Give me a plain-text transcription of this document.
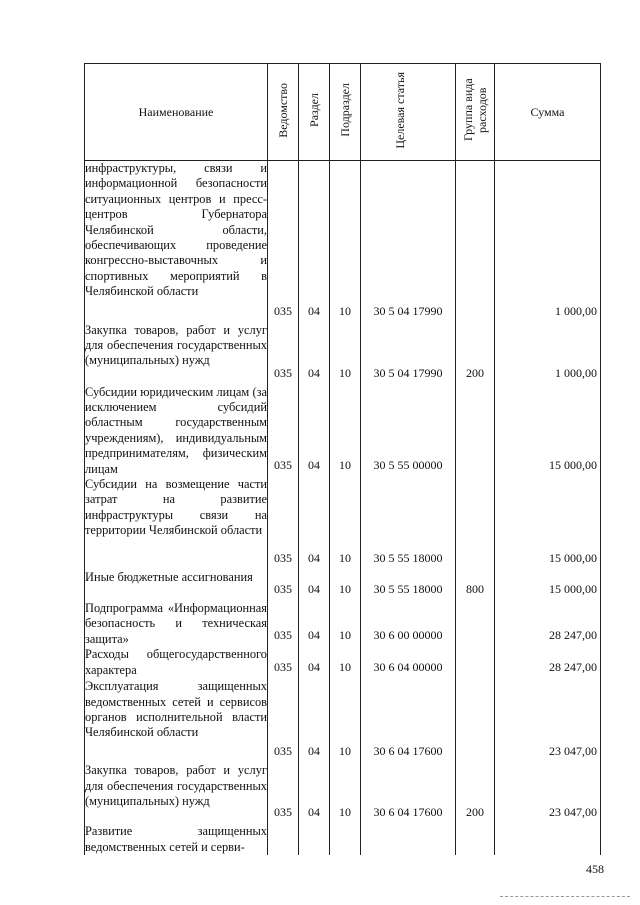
Наименование	Ведомство	Раздел	Подраздел	Целевая статья	Группа вида расходов	Сумма

инфраструктуры, связи и информационной безопасности ситуационных центров и пресс-центров Губернатора Челябинской области, обеспечивающих проведение конгрессно-выставочных и спортивных мероприятий в Челябинской области	035	04	10	30 5 04 17990		1 000,00

Закупка товаров, работ и услуг для обеспечения государственных (муниципальных) нужд	035	04	10	30 5 04 17990	200	1 000,00

Субсидии юридическим лицам (за исключением субсидий областным государственным учреждениям), индивидуальным предпринимателям, физическим лицам	035	04	10	30 5 55 00000		15 000,00

Субсидии на возмещение части затрат на развитие инфраструктуры связи на территории Челябинской области	035	04	10	30 5 55 18000		15 000,00

Иные бюджетные ассигнования	035	04	10	30 5 55 18000	800	15 000,00

Подпрограмма «Информационная безопасность и техническая защита»	035	04	10	30 6 00 00000		28 247,00

Расходы общегосударственного характера	035	04	10	30 6 04 00000		28 247,00

Эксплуатация защищенных ведомственных сетей и сервисов органов исполнительной власти Челябинской области	035	04	10	30 6 04 17600		23 047,00

Закупка товаров, работ и услуг для обеспечения государственных (муниципальных) нужд	035	04	10	30 6 04 17600	200	23 047,00

Развитие защищенных ведомственных сетей и серви-						

458
